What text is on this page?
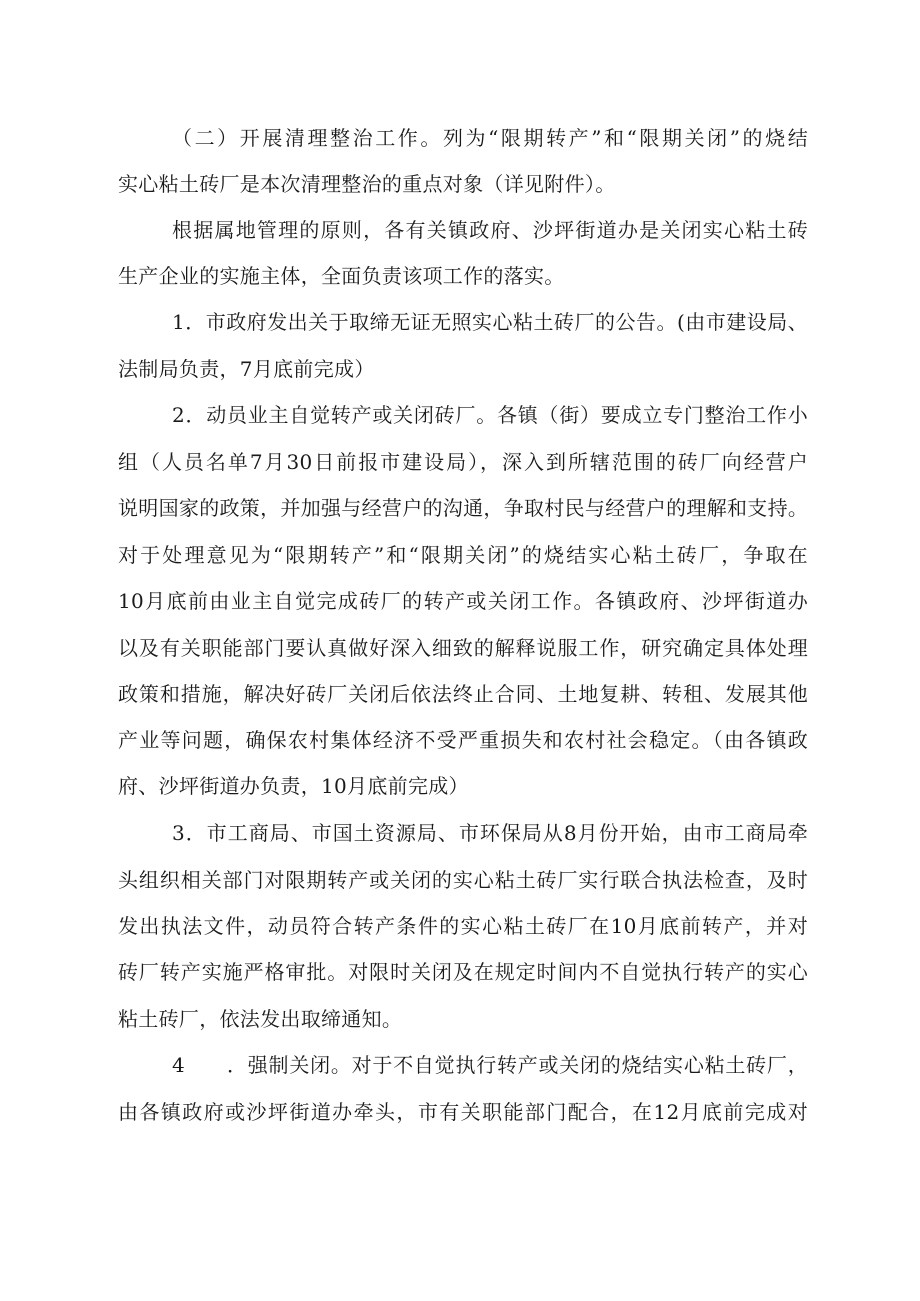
（二）开展清理整治工作。列为“限期转产”和“限期关闭”的烧结
实心粘土砖厂是本次清理整治的重点对象（详见附件）。
根据属地管理的原则，各有关镇政府、沙坪街道办是关闭实心粘土砖
生产企业的实施主体，全面负责该项工作的落实。
1．市政府发出关于取缔无证无照实心粘土砖厂的公告。(由市建设局、
法制局负责，7月底前完成）
2．动员业主自觉转产或关闭砖厂。各镇（街）要成立专门整治工作小
组（人员名单7月30日前报市建设局），深入到所辖范围的砖厂向经营户
说明国家的政策，并加强与经营户的沟通，争取村民与经营户的理解和支持。
对于处理意见为“限期转产”和“限期关闭”的烧结实心粘土砖厂，争取在
10月底前由业主自觉完成砖厂的转产或关闭工作。各镇政府、沙坪街道办
以及有关职能部门要认真做好深入细致的解释说服工作，研究确定具体处理
政策和措施，解决好砖厂关闭后依法终止合同、土地复耕、转租、发展其他
产业等问题，确保农村集体经济不受严重损失和农村社会稳定。（由各镇政
府、沙坪街道办负责，10月底前完成）
3．市工商局、市国土资源局、市环保局从8月份开始，由市工商局牵
头组织相关部门对限期转产或关闭的实心粘土砖厂实行联合执法检查，及时
发出执法文件，动员符合转产条件的实心粘土砖厂在10月底前转产，并对
砖厂转产实施严格审批。对限时关闭及在规定时间内不自觉执行转产的实心
粘土砖厂，依法发出取缔通知。
4　　．强制关闭。对于不自觉执行转产或关闭的烧结实心粘土砖厂，
由各镇政府或沙坪街道办牵头，市有关职能部门配合，在12月底前完成对
